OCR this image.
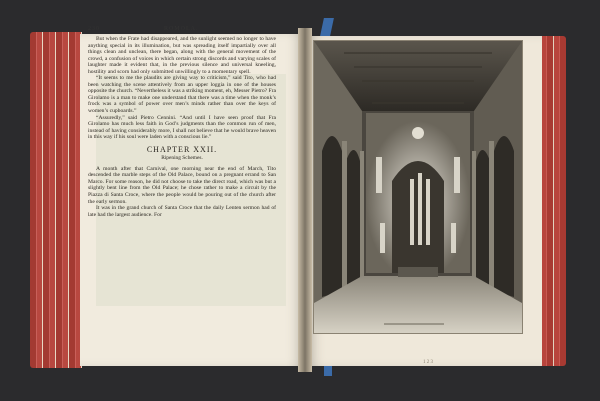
230	ROMOLA.

But when the Frate had disappeared, and the sunlight seemed no longer to have anything special in its illumination, but was spreading itself impartially over all things clean and unclean, there began, along with the general movement of the crowd, a confusion of voices in which certain strong discords and varying scales of laughter made it evident that, in the previous silence and universal kneeling, hostility and scorn had only submitted unwillingly to a momentary spell.

“It seems to me the plaudits are giving way to criticism,” said Tito, who had been watching the scene attentively from an upper loggia in one of the houses opposite the church. “Nevertheless it was a striking moment, eh, Messer Pietro? Fra Girolamo is a man to make one understand that there was a time when the monk’s frock was a symbol of power over men’s minds rather than over the keys of women’s cupboards.”

“Assuredly,” said Pietro Cennini. “And until I have seen proof that Fra Girolamo has much less faith in God’s judgments than the common run of men, instead of having considerably more, I shall not believe that he would brave heaven in this way if his soul were laden with a conscious lie.”

CHAPTER XXII.

Ripening Schemes.

A month after that Carnival, one morning near the end of March, Tito descended the marble steps of the Old Palace, bound on a pregnant errand to San Marco. For some reason, he did not choose to take the direct road, which was but a slightly bent line from the Old Palace; he chose rather to make a circuit by the Piazza di Santa Croce, where the people would be pouring out of the church after the early sermon.

It was in the grand church of Santa Croce that the daily Lenten sermon had of late had the largest audience. For

1 2 3
